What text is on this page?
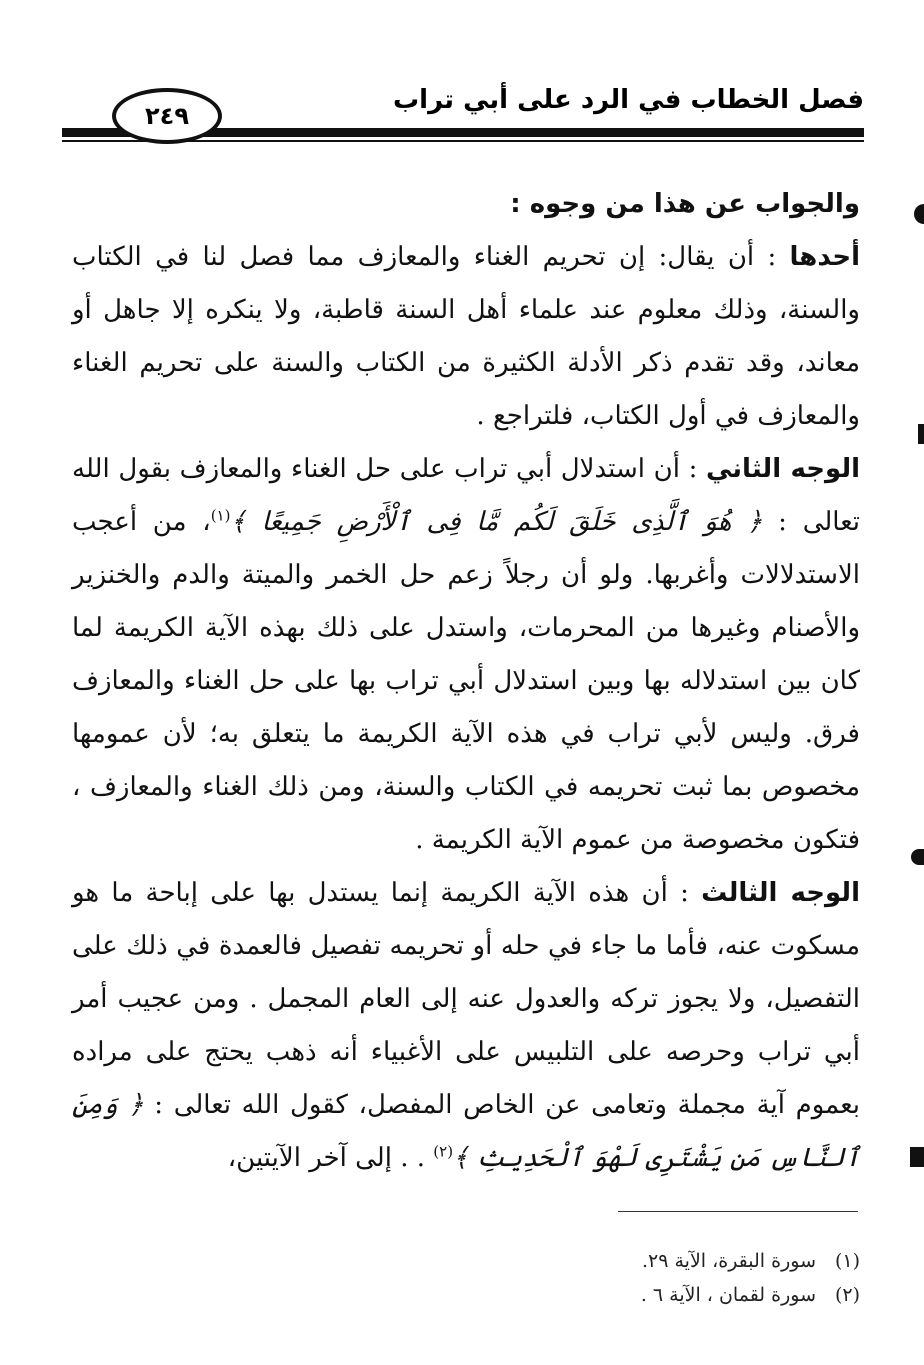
فصل الخطاب في الرد على أبي تراب
٢٤٩

والجواب عن هذا من وجوه :

أحدها : أن يقال: إن تحريم الغناء والمعازف مما فصل لنا في الكتاب والسنة، وذلك معلوم عند علماء أهل السنة قاطبة، ولا ينكره إلا جاهل أو معاند، وقد تقدم ذكر الأدلة الكثيرة من الكتاب والسنة على تحريم الغناء والمعازف في أول الكتاب، فلتراجع .

الوجه الثاني : أن استدلال أبي تراب على حل الغناء والمعازف بقول الله تعالى : ﴿ هُوَ ٱلَّذِى خَلَقَ لَكُم مَّا فِى ٱلْأَرْضِ جَمِيعًا ﴾$^{(١)}$، من أعجب الاستدلالات وأغربها. ولو أن رجلاً زعم حل الخمر والميتة والدم والخنزير والأصنام وغيرها من المحرمات، واستدل على ذلك بهذه الآية الكريمة لما كان بين استدلاله بها وبين استدلال أبي تراب بها على حل الغناء والمعازف فرق. وليس لأبي تراب في هذه الآية الكريمة ما يتعلق به؛ لأن عمومها مخصوص بما ثبت تحريمه في الكتاب والسنة، ومن ذلك الغناء والمعازف ، فتكون مخصوصة من عموم الآية الكريمة .

الوجه الثالث : أن هذه الآية الكريمة إنما يستدل بها على إباحة ما هو مسكوت عنه، فأما ما جاء في حله أو تحريمه تفصيل فالعمدة في ذلك على التفصيل، ولا يجوز تركه والعدول عنه إلى العام المجمل . ومن عجيب أمر أبي تراب وحرصه على التلبيس على الأغبياء أنه ذهب يحتج على مراده بعموم آية مجملة وتعامى عن الخاص المفصل، كقول الله تعالى : ﴿ وَمِنَ ٱلنَّاسِ مَن يَشْتَرِى لَهْوَ ٱلْحَدِيثِ ﴾$^{(٢)}$ . . إلى آخر الآيتين،

(١)سورة البقرة، الآية ٢٩.
(٢)سورة لقمان ، الآية ٦ .
